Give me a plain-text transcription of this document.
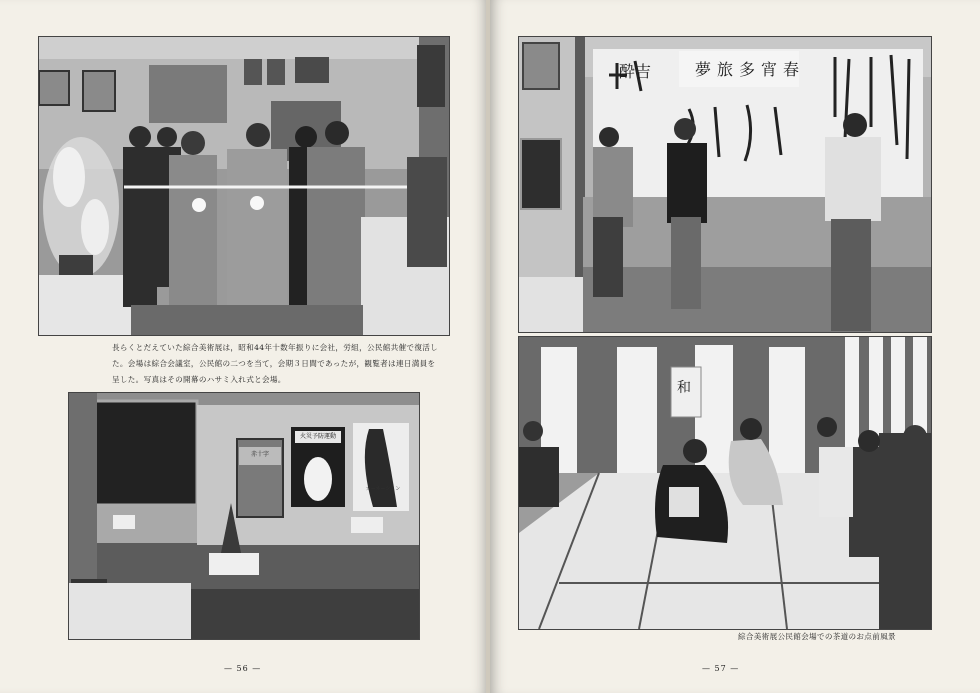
長らくとだえていた綜合美術展は，昭和44年十数年振りに会社，労組，公民館共催で復活した。会場は綜合会議室，公民館の二つを当て，会期３日間であったが，観覧者は連日満員を呈した。写真はその開幕のハサミ入れ式と会場。
火災予防運動
赤十字
カーネーション
— 56 —
酔吉	夢旅多宵春
和
綜合美術展公民館会場での茶道のお点前風景
— 57 —
